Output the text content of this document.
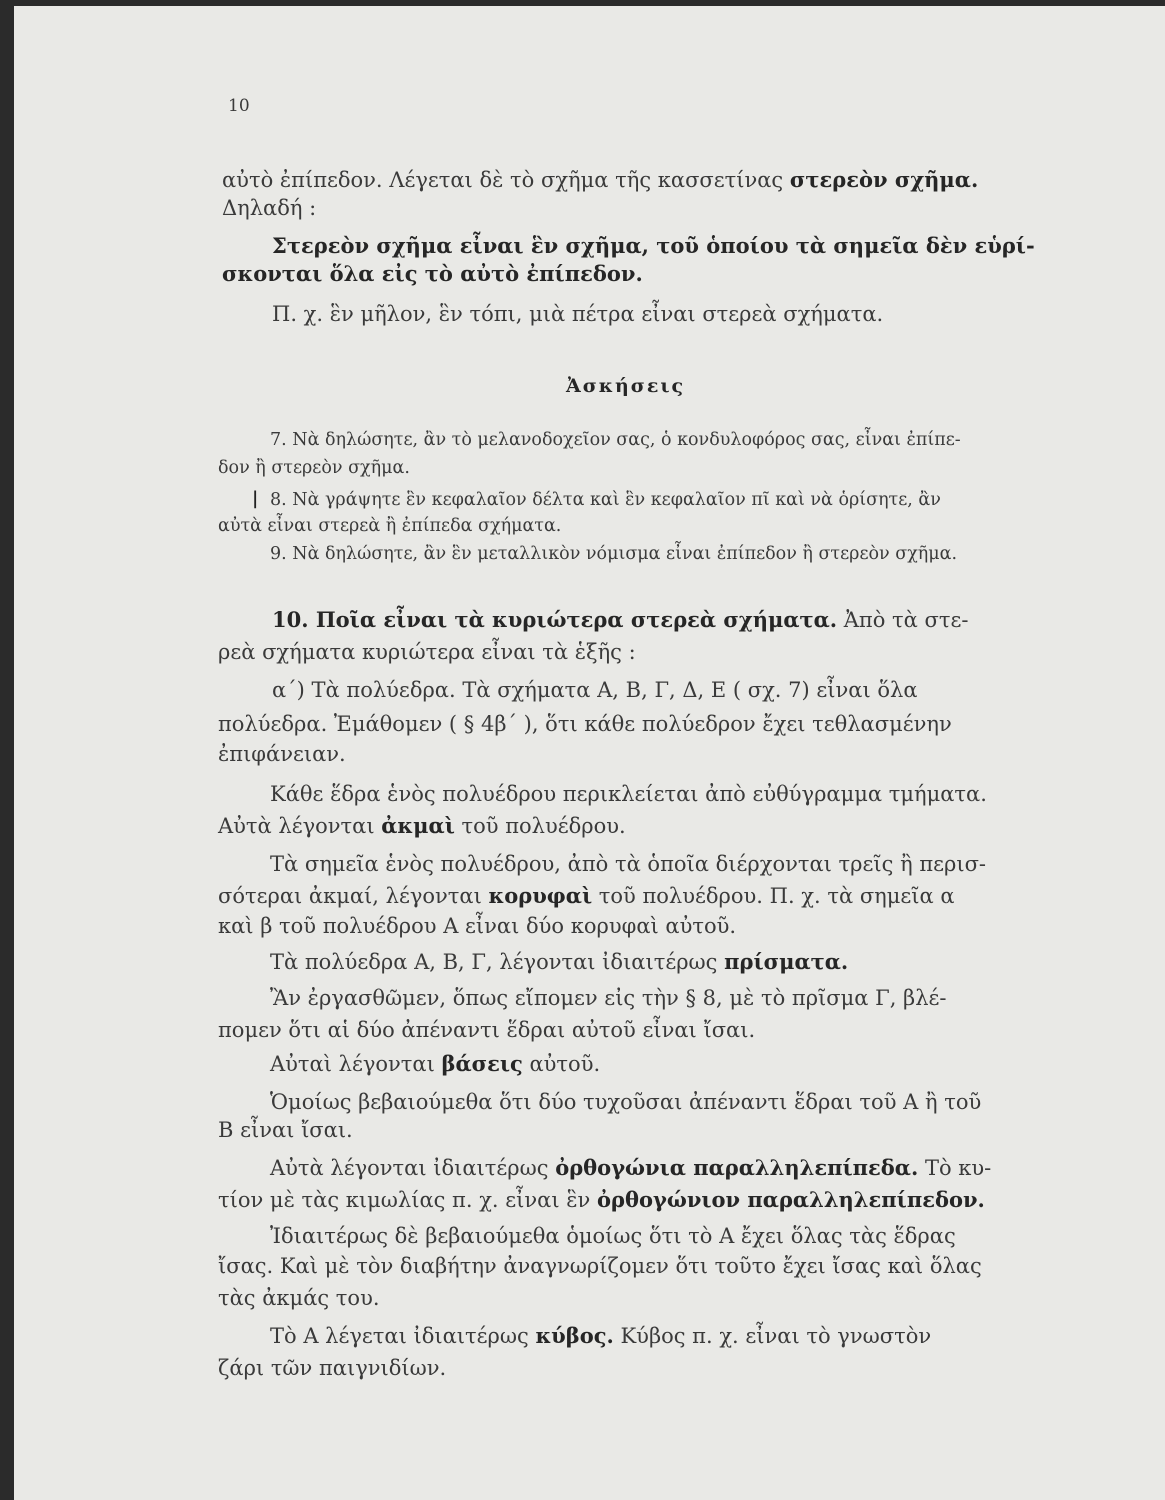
10
αὐτὸ ἐπίπεδον. Λέγεται δὲ τὸ σχῆμα τῆς κασσετίνας στερεὸν σχῆμα.
Δηλαδή :
Στερεὸν σχῆμα εἶναι ἓν σχῆμα, τοῦ ὁποίου τὰ σημεῖα δὲν εὑρί-
σκονται ὅλα εἰς τὸ αὐτὸ ἐπίπεδον.
Π. χ. ἓν μῆλον, ἓν τόπι, μιὰ πέτρα εἶναι στερεὰ σχήματα.
Ἀσκήσεις
7. Νὰ δηλώσητε, ἂν τὸ μελανοδοχεῖον σας, ὁ κονδυλοφόρος σας, εἶναι ἐπίπε-
δον ἢ στερεὸν σχῆμα.
| 8. Νὰ γράψητε ἓν κεφαλαῖον δέλτα καὶ ἓν κεφαλαῖον πῖ καὶ νὰ ὁρίσητε, ἂν
αὐτὰ εἶναι στερεὰ ἢ ἐπίπεδα σχήματα.
9. Νὰ δηλώσητε, ἂν ἓν μεταλλικὸν νόμισμα εἶναι ἐπίπεδον ἢ στερεὸν σχῆμα.
10. Ποῖα εἶναι τὰ κυριώτερα στερεὰ σχήματα. Ἀπὸ τὰ στε-
ρεὰ σχήματα κυριώτερα εἶναι τὰ ἑξῆς :
α΄) Τὰ πολύεδρα. Τὰ σχήματα Α, Β, Γ, Δ, Ε ( σχ. 7) εἶναι ὅλα
πολύεδρα. Ἐμάθομεν ( § 4β΄ ), ὅτι κάθε πολύεδρον ἔχει τεθλασμένην
ἐπιφάνειαν.
Κάθε ἕδρα ἑνὸς πολυέδρου περικλείεται ἀπὸ εὐθύγραμμα τμήματα.
Αὐτὰ λέγονται ἀκμαὶ τοῦ πολυέδρου.
Τὰ σημεῖα ἑνὸς πολυέδρου, ἀπὸ τὰ ὁποῖα διέρχονται τρεῖς ἢ περισ-
σότεραι ἀκμαί, λέγονται κορυφαὶ τοῦ πολυέδρου. Π. χ. τὰ σημεῖα α
καὶ β τοῦ πολυέδρου Α εἶναι δύο κορυφαὶ αὐτοῦ.
Τὰ πολύεδρα Α, Β, Γ, λέγονται ἰδιαιτέρως πρίσματα.
Ἂν ἐργασθῶμεν, ὅπως εἴπομεν εἰς τὴν § 8, μὲ τὸ πρῖσμα Γ, βλέ-
πομεν ὅτι αἱ δύο ἀπέναντι ἕδραι αὐτοῦ εἶναι ἴσαι.
Αὐταὶ λέγονται βάσεις αὐτοῦ.
Ὁμοίως βεβαιούμεθα ὅτι δύο τυχοῦσαι ἀπέναντι ἕδραι τοῦ Α ἢ τοῦ
Β εἶναι ἴσαι.
Αὐτὰ λέγονται ἰδιαιτέρως ὀρθογώνια παραλληλεπίπεδα. Τὸ κυ-
τίον μὲ τὰς κιμωλίας π. χ. εἶναι ἓν ὀρθογώνιον παραλληλεπίπεδον.
Ἰδιαιτέρως δὲ βεβαιούμεθα ὁμοίως ὅτι τὸ Α ἔχει ὅλας τὰς ἕδρας
ἴσας. Καὶ μὲ τὸν διαβήτην ἀναγνωρίζομεν ὅτι τοῦτο ἔχει ἴσας καὶ ὅλας
τὰς ἀκμάς του.
Τὸ Α λέγεται ἰδιαιτέρως κύβος. Κύβος π. χ. εἶναι τὸ γνωστὸν
ζάρι τῶν παιγνιδίων.
